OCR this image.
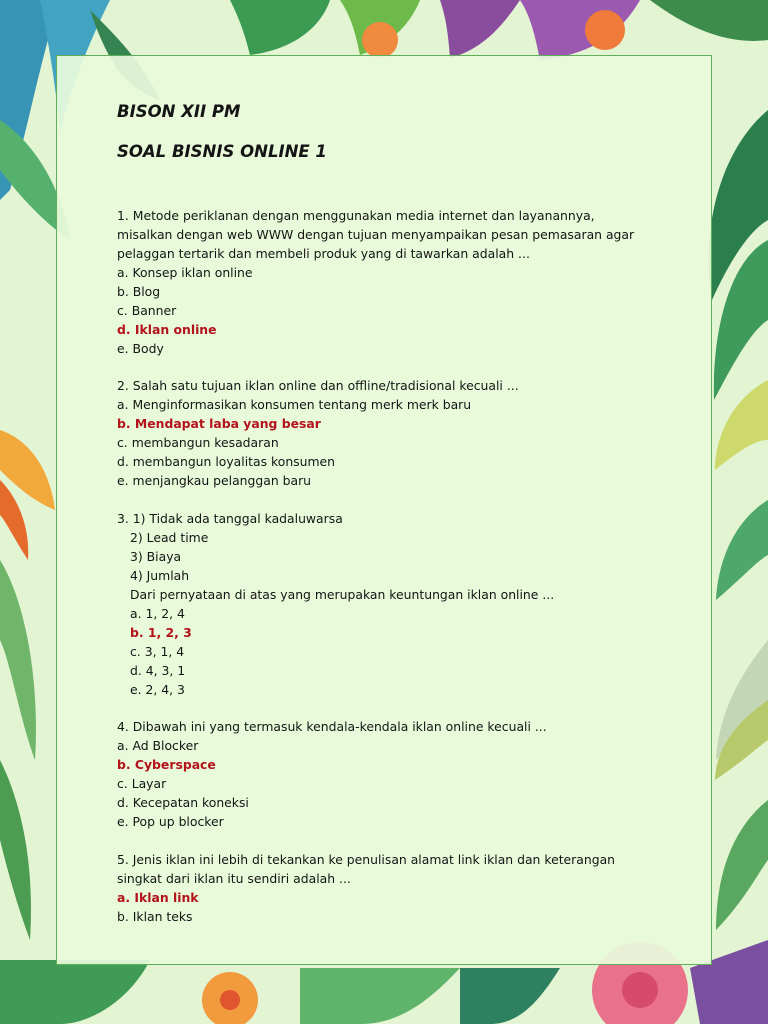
BISON XII PM
SOAL BISNIS ONLINE 1
1. Metode periklanan dengan menggunakan media internet dan layanannya,
misalkan dengan web WWW dengan tujuan menyampaikan pesan pemasaran agar
pelaggan tertarik dan membeli produk yang di tawarkan adalah ...
a. Konsep iklan online
b. Blog
c. Banner
d. Iklan online
e. Body
2. Salah satu tujuan iklan online dan offline/tradisional kecuali ...
a. Menginformasikan konsumen tentang merk merk baru
b. Mendapat laba yang besar
c. membangun kesadaran
d. membangun loyalitas konsumen
e. menjangkau pelanggan baru
3. 1) Tidak ada tanggal kadaluwarsa
2) Lead time
3) Biaya
4) Jumlah
Dari pernyataan di atas yang merupakan keuntungan iklan online ...
a. 1, 2, 4
b. 1, 2, 3
c. 3, 1, 4
d. 4, 3, 1
e. 2, 4, 3
4. Dibawah ini yang termasuk kendala-kendala iklan online kecuali ...
a. Ad Blocker
b. Cyberspace
c. Layar
d. Kecepatan koneksi
e. Pop up blocker
5. Jenis iklan ini lebih di tekankan ke penulisan alamat link iklan dan keterangan
singkat dari iklan itu sendiri adalah ...
a. Iklan link
b. Iklan teks
